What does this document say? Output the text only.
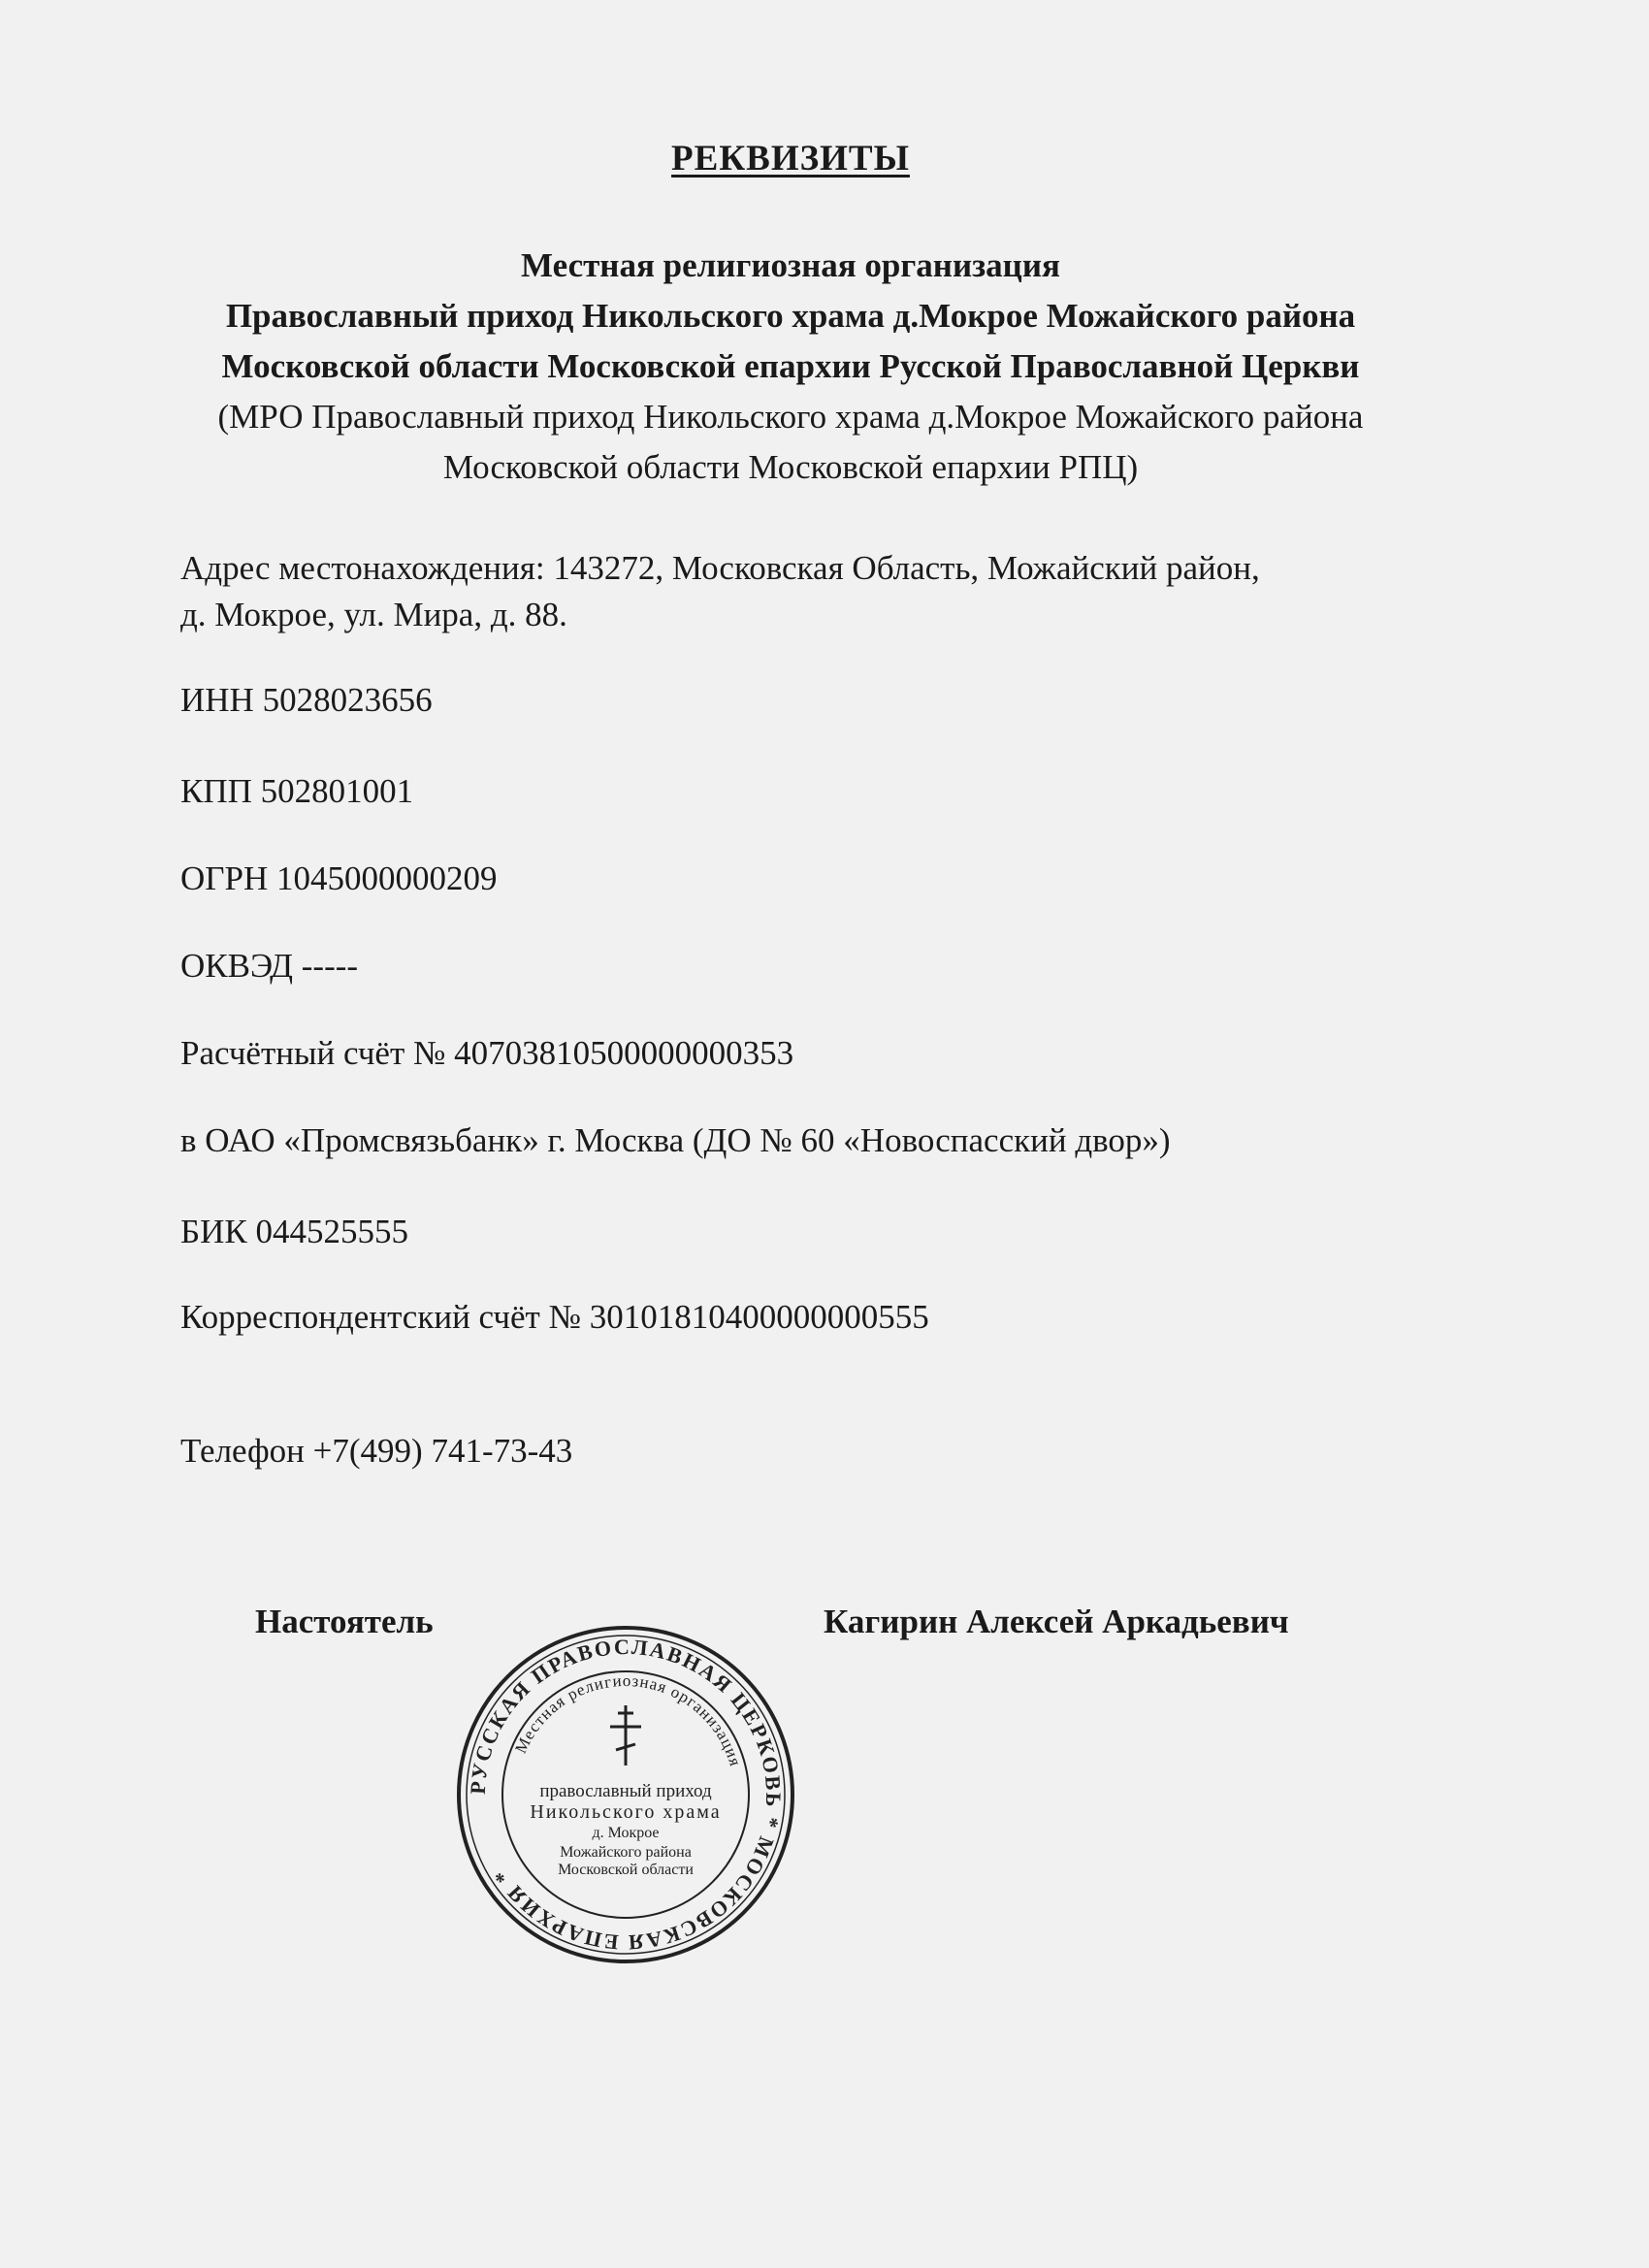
РЕКВИЗИТЫ
Местная религиозная организация
Православный приход Никольского храма д.Мокрое Можайского района
Московской области Московской епархии Русской Православной Церкви
(МРО Православный приход Никольского храма д.Мокрое Можайского района
Московской области Московской епархии РПЦ)
Адрес местонахождения: 143272, Московская Область, Можайский район,
д. Мокрое, ул. Мира, д. 88.
ИНН 5028023656
КПП 502801001
ОГРН 1045000000209
ОКВЭД -----
Расчётный счёт № 40703810500000000353
в ОАО «Промсвязьбанк» г. Москва (ДО № 60 «Новоспасский двор»)
БИК 044525555
Корреспондентский счёт № 30101810400000000555
Телефон +7(499) 741-73-43
Настоятель	Кагирин Алексей Аркадьевич
РУССКАЯ ПРАВОСЛАВНАЯ ЦЕРКОВЬ * МОСКОВСКАЯ ЕПАРХИЯ *
Местная религиозная организация
православный приход
Никольского храма
д. Мокрое
Можайского района
Московской области
